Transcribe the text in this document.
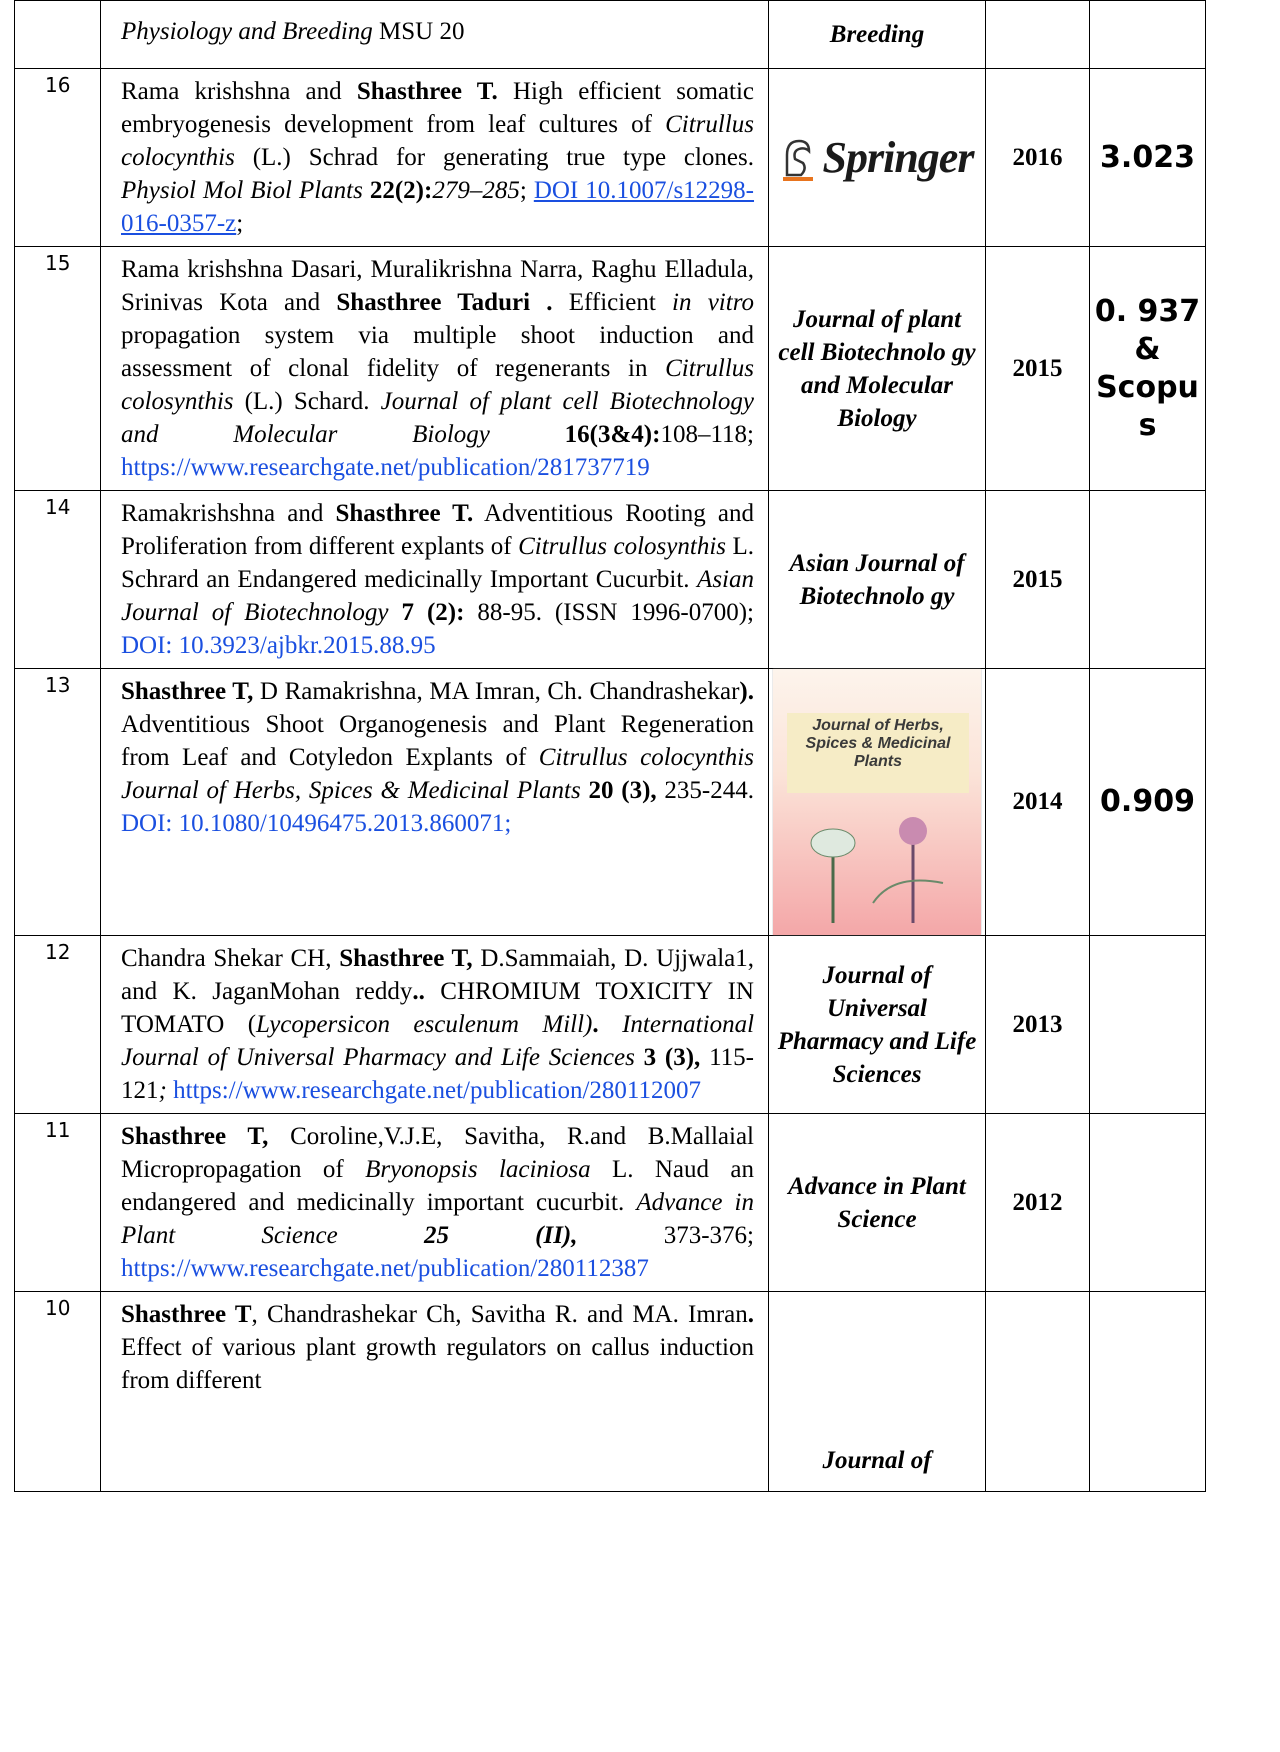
	Physiology and Breeding MSU 20	Breeding		
16	Rama krishshna and Shasthree T. High efficient somatic embryogenesis development from leaf cultures of Citrullus colocynthis (L.) Schrad for generating true type clones. Physiol Mol Biol Plants 22(2):279–285; DOI 10.1007/s12298-016-0357-z;	Springer	2016	3.023
15	Rama krishshna Dasari, Muralikrishna Narra, Raghu Elladula, Srinivas Kota and Shasthree Taduri . Efficient in vitro propagation system via multiple shoot induction and assessment of clonal fidelity of regenerants in Citrullus colosynthis (L.) Schard. Journal of plant cell Biotechnology and Molecular Biology 16(3&4):108–118; https://www.researchgate.net/publication/281737719	Journal of plant cell Biotechnolo gy and Molecular Biology	2015	0. 937 & Scopu s
14	Ramakrishshna and Shasthree T. Adventitious Rooting and Proliferation from different explants of Citrullus colosynthis L. Schrard an Endangered medicinally Important Cucurbit. Asian Journal of Biotechnology 7 (2): 88-95. (ISSN 1996-0700); DOI: 10.3923/ajbkr.2015.88.95	Asian Journal of Biotechnolo gy	2015	
13	Shasthree T, D Ramakrishna, MA Imran, Ch. Chandrashekar). Adventitious Shoot Organogenesis and Plant Regeneration from Leaf and Cotyledon Explants of Citrullus colocynthis Journal of Herbs, Spices & Medicinal Plants 20 (3), 235-244. DOI: 10.1080/10496475.2013.860071;	Journal of Herbs, Spices & Medicinal Plants	2014	0.909
12	Chandra Shekar CH, Shasthree T, D.Sammaiah, D. Ujjwala1, and K. JaganMohan reddy.. CHROMIUM TOXICITY IN TOMATO (Lycopersicon esculenum Mill). International Journal of Universal Pharmacy and Life Sciences 3 (3), 115-121; https://www.researchgate.net/publication/280112007	Journal of Universal Pharmacy and Life Sciences	2013	
11	Shasthree T, Coroline,V.J.E, Savitha, R.and B.Mallaial Micropropagation of Bryonopsis laciniosa L. Naud an endangered and medicinally important cucurbit. Advance in Plant Science 25 (II), 373-376; https://www.researchgate.net/publication/280112387	Advance in Plant Science	2012	
10	Shasthree T, Chandrashekar Ch, Savitha R. and MA. Imran. Effect of various plant growth regulators on callus induction from different	Journal of		
